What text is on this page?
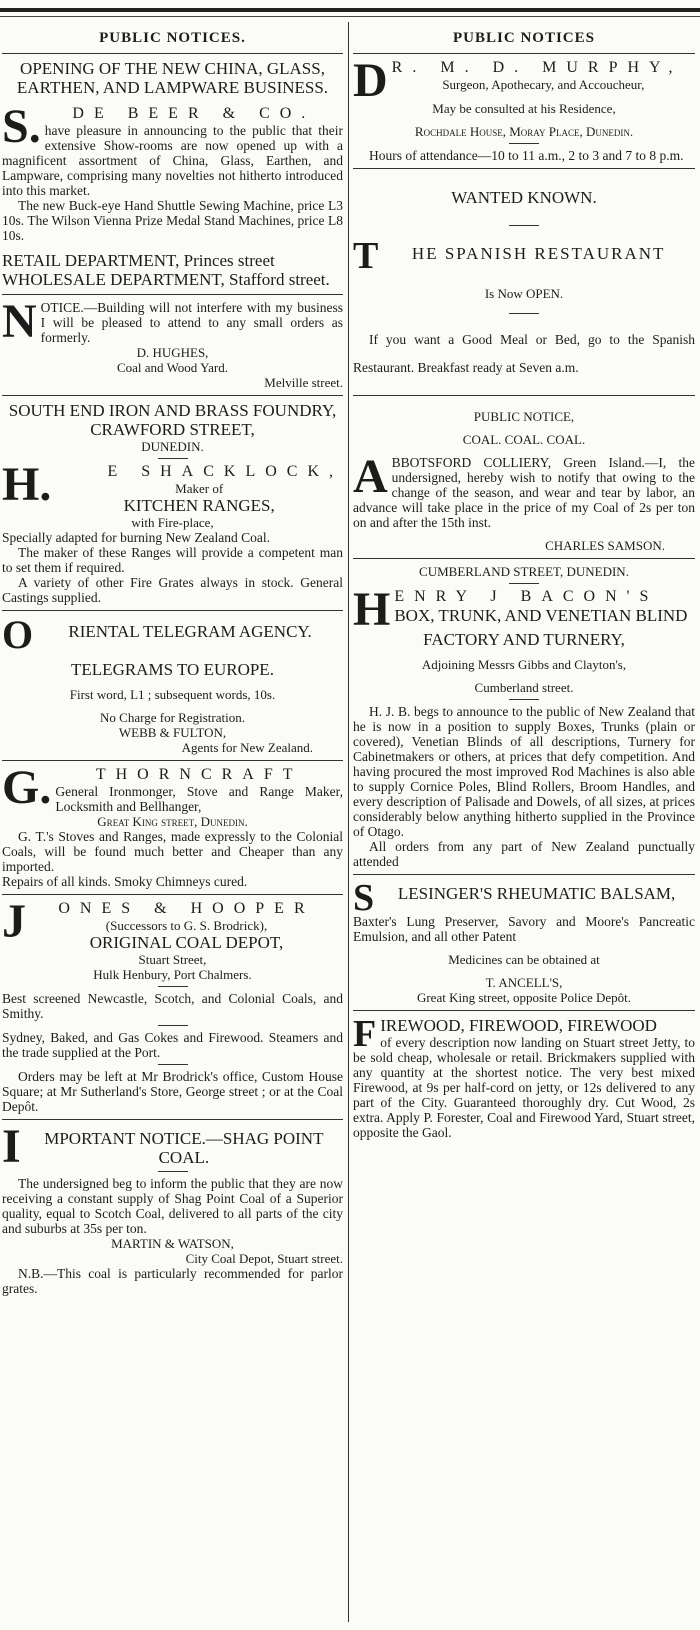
PUBLIC NOTICES.

OPENING OF THE NEW CHINA, GLASS, EARTHEN, AND LAMPWARE BUSINESS.

S.	DE BEER & CO.

have pleasure in announcing to the public that their extensive Show-rooms are now opened up with a magnificent assortment of China, Glass, Earthen, and Lampware, comprising many novelties not hitherto introduced into this market.

The new Buck-eye Hand Shuttle Sewing Machine, price L3 10s. The Wilson Vienna Prize Medal Stand Machines, price L8 10s.

RETAIL DEPARTMENT, Princes street

WHOLESALE DEPARTMENT, Stafford street.

N OTICE.—Building will not interfere with my business I will be pleased to attend to any small orders as formerly.

D. HUGHES,

Coal and Wood Yard.

Melville street.

SOUTH END IRON AND BRASS FOUNDRY,

CRAWFORD STREET,

DUNEDIN.

H.	E SHACKLOCK,

Maker of

KITCHEN RANGES,

with Fire-place,

Specially adapted for burning New Zealand Coal.

The maker of these Ranges will provide a competent man to set them if required.

A variety of other Fire Grates always in stock. General Castings supplied.

O	RIENTAL TELEGRAM AGENCY.

TELEGRAMS TO EUROPE.

First word, L1 ; subsequent words, 10s.

No Charge for Registration.

WEBB & FULTON,

Agents for New Zealand.

G.	THORNCRAFT

General Ironmonger, Stove and Range Maker, Locksmith and Bellhanger,

Great King street, Dunedin.

G. T.'s Stoves and Ranges, made expressly to the Colonial Coals, will be found much better and Cheaper than any imported.

Repairs of all kinds. Smoky Chimneys cured.

J	ONES & HOOPER

(Successors to G. S. Brodrick),

ORIGINAL COAL DEPOT,

Stuart Street,

Hulk Henbury, Port Chalmers.

Best screened Newcastle, Scotch, and Colonial Coals, and Smithy.

Sydney, Baked, and Gas Cokes and Firewood. Steamers and the trade supplied at the Port.

Orders may be left at Mr Brodrick's office, Custom House Square; at Mr Sutherland's Store, George street ; or at the Coal Depôt.

I	MPORTANT NOTICE.—SHAG POINT COAL.

The undersigned beg to inform the public that they are now receiving a constant supply of Shag Point Coal of a Superior quality, equal to Scotch Coal, delivered to all parts of the city and suburbs at 35s per ton.

MARTIN & WATSON,

City Coal Depot, Stuart street.

N.B.—This coal is particularly recommended for parlor grates.

PUBLIC NOTICES

D R. M. D. MURPHY,

Surgeon, Apothecary, and Accoucheur,

May be consulted at his Residence,

Rochdale House, Moray Place, Dunedin.

Hours of attendance—10 to 11 a.m., 2 to 3 and 7 to 8 p.m.

WANTED KNOWN.

T	HE SPANISH RESTAURANT

Is Now OPEN.

If you want a Good Meal or Bed, go to the Spanish Restaurant. Breakfast ready at Seven a.m.

PUBLIC NOTICE,

COAL. COAL. COAL.

A BBOTSFORD COLLIERY, Green Island.—I, the undersigned, hereby wish to notify that owing to the change of the season, and wear and tear by labor, an advance will take place in the price of my Coal of 2s per ton on and after the 15th inst.

CHARLES SAMSON.

CUMBERLAND STREET, DUNEDIN.

H ENRY J BACON'S

BOX, TRUNK, AND VENETIAN BLIND

FACTORY AND TURNERY,

Adjoining Messrs Gibbs and Clayton's,

Cumberland street.

H. J. B. begs to announce to the public of New Zealand that he is now in a position to supply Boxes, Trunks (plain or covered), Venetian Blinds of all descriptions, Turnery for Cabinetmakers or others, at prices that defy competition. And having procured the most improved Rod Machines is also able to supply Cornice Poles, Blind Rollers, Broom Handles, and every description of Palisade and Dowels, of all sizes, at prices considerably below anything hitherto supplied in the Province of Otago.

All orders from any part of New Zealand punctually attended

S	LESINGER'S RHEUMATIC BALSAM,

Baxter's Lung Preserver, Savory and Moore's Pancreatic Emulsion, and all other Patent

Medicines can be obtained at

T. ANCELL'S,

Great King street, opposite Police Depôt.

F IREWOOD, FIREWOOD, FIREWOOD

of every description now landing on Stuart street Jetty, to be sold cheap, wholesale or retail. Brickmakers supplied with any quantity at the shortest notice. The very best mixed Firewood, at 9s per half-cord on jetty, or 12s delivered to any part of the City. Guaranteed thoroughly dry. Cut Wood, 2s extra. Apply P. Forester, Coal and Firewood Yard, Stuart street, opposite the Gaol.
